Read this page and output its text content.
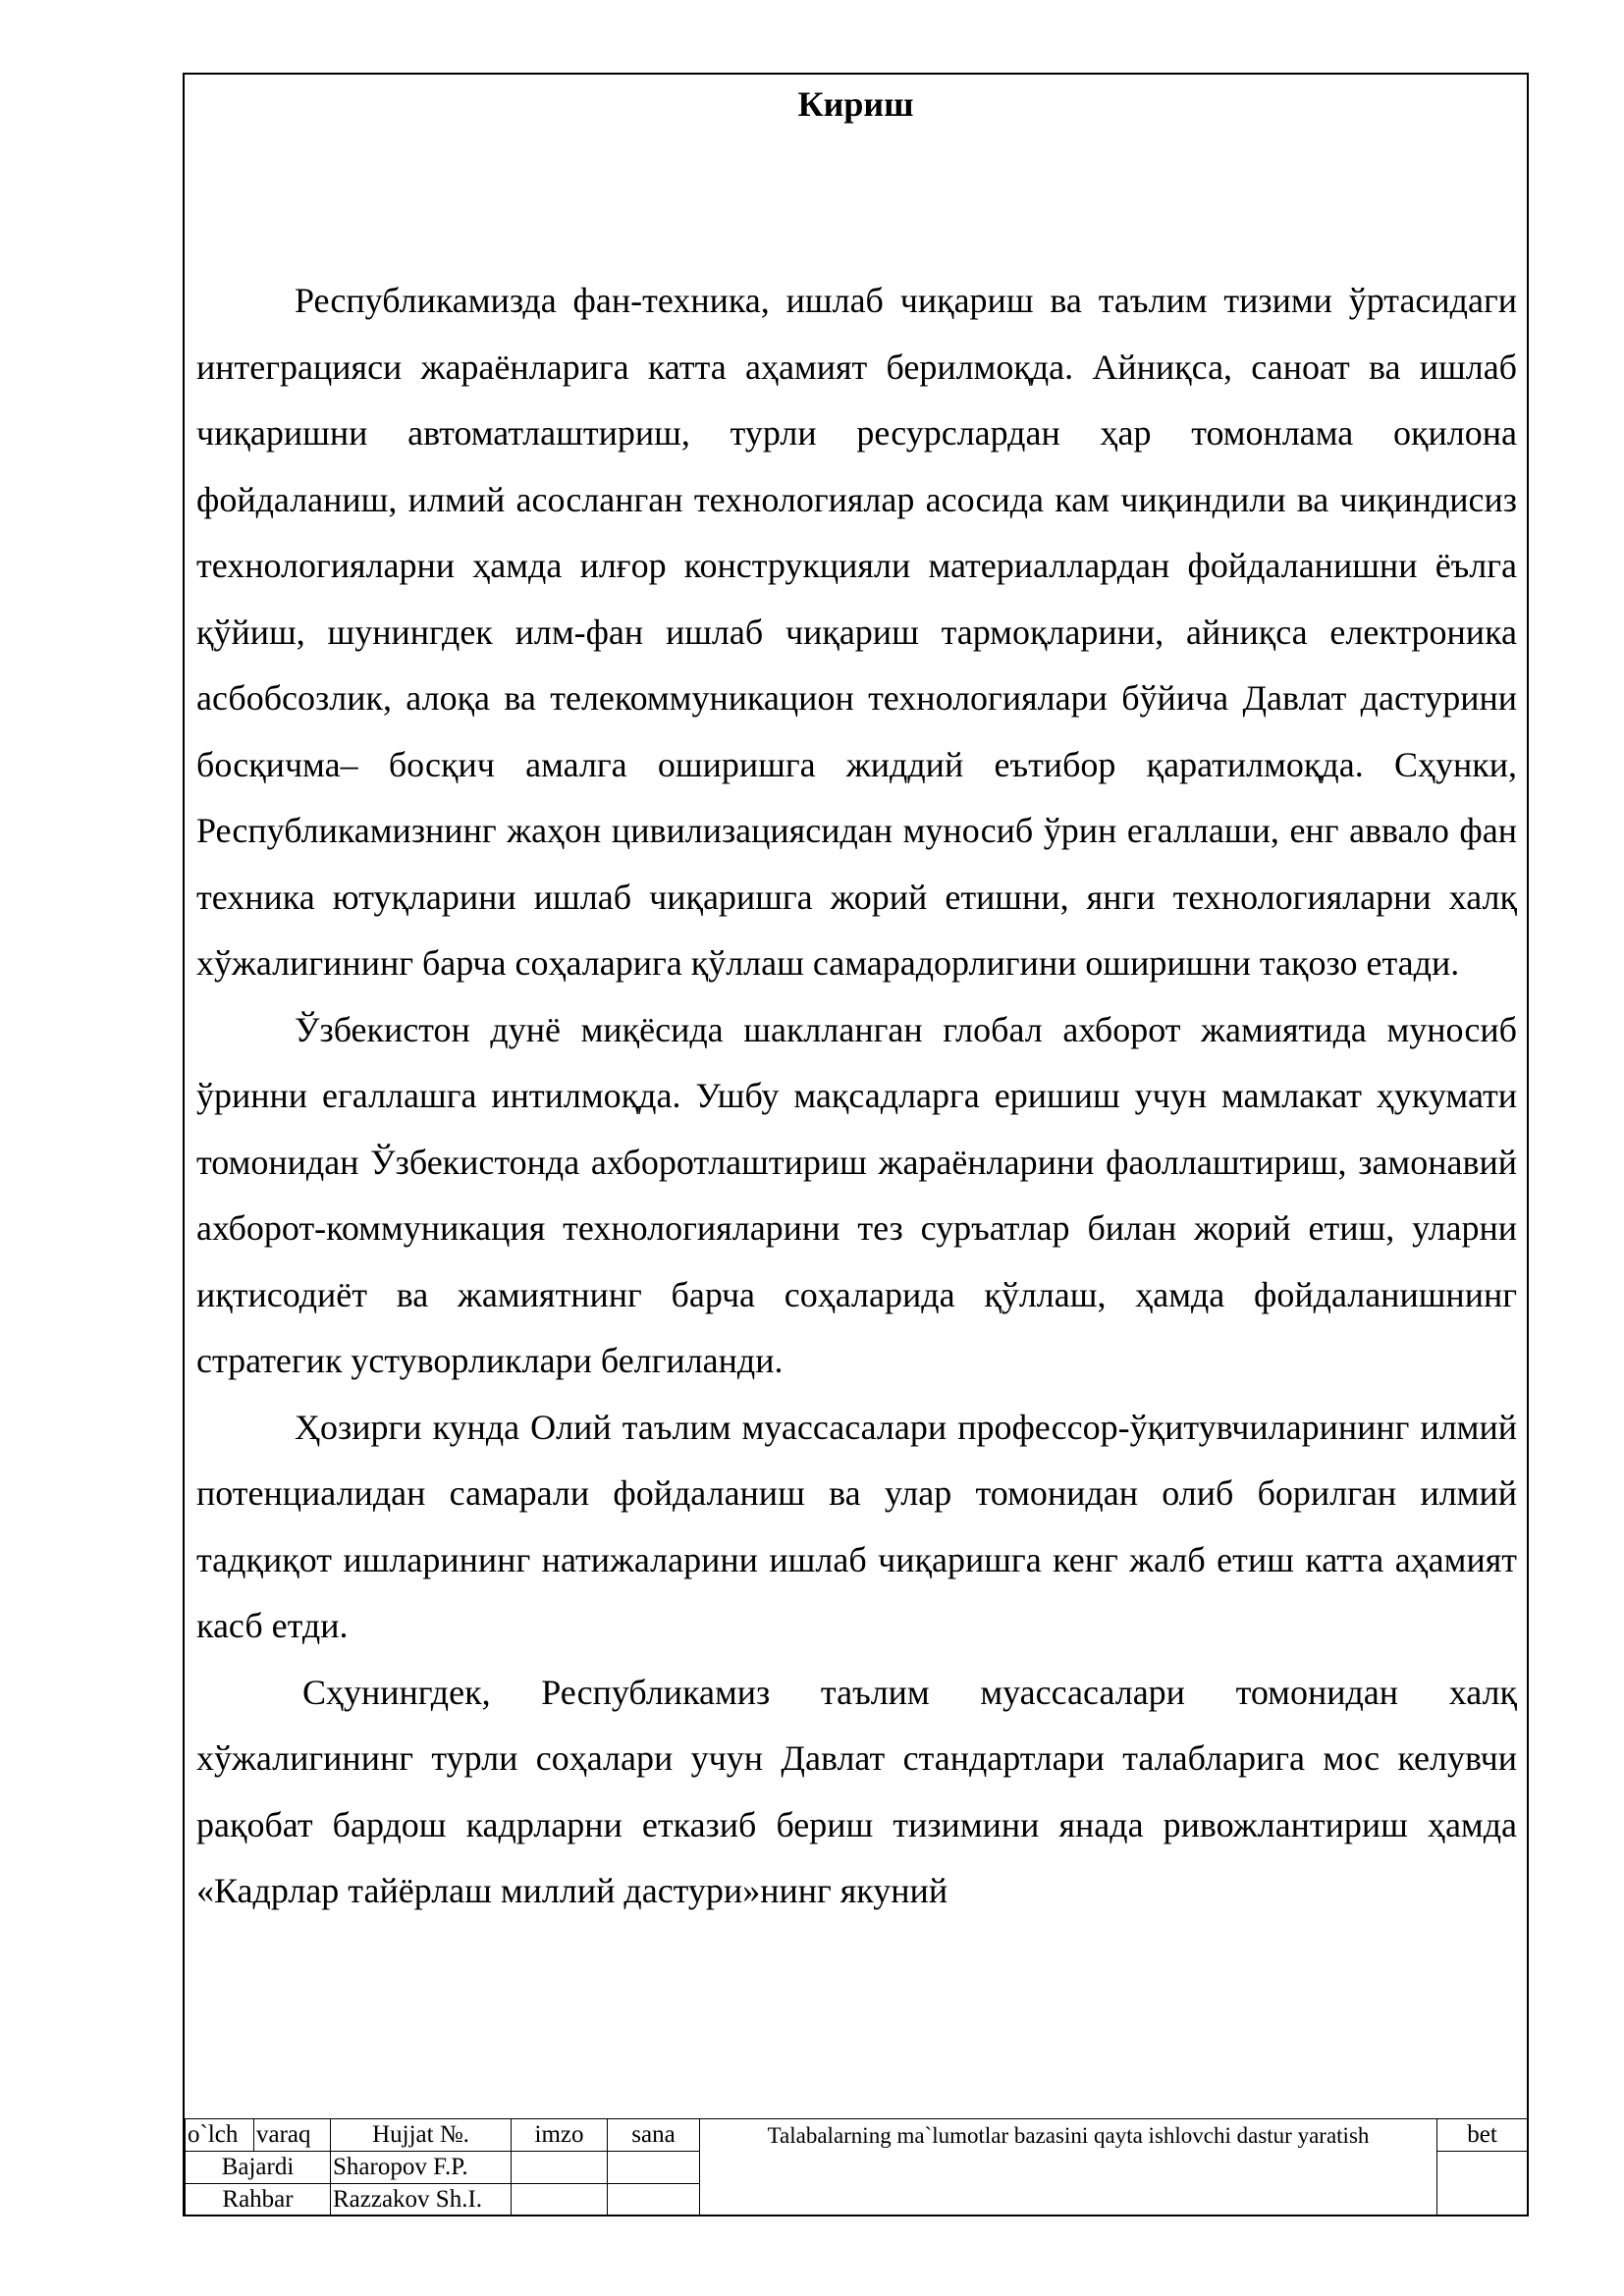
Кириш

Республикамизда фан-техника, ишлаб чиқариш ва таълим тизими ўртасидаги интеграцияси жараёнларига катта аҳамият берилмоқда. Айниқса, саноат ва ишлаб чиқаришни автоматлаштириш, турли ресурслардан ҳар томонлама оқилона фойдаланиш, илмий асосланган технологиялар асосида кам чиқиндили ва чиқиндисиз технологияларни ҳамда илғор конструкцияли материаллардан фойдаланишни ёълга қўйиш, шунингдек илм-фан ишлаб чиқариш тармоқларини, айниқса електроника асбобсозлик, алоқа ва телекоммуникацион технологиялари бўйича Давлат дастурини босқичма– босқич амалга оширишга жиддий еътибор қаратилмоқда. Сҳунки, Республикамизнинг жаҳон цивилизациясидан муносиб ўрин егаллаши, енг аввало фан техника ютуқларини ишлаб чиқаришга жорий етишни, янги технологияларни халқ хўжалигининг барча соҳаларига қўллаш самарадорлигини оширишни тақозо етади.

Ўзбекистон дунё миқёсида шаклланган глобал ахборот жамиятида муносиб ўринни егаллашга интилмоқда. Ушбу мақсадларга еришиш учун мамлакат ҳукумати томонидан Ўзбекистонда ахборотлаштириш жараёнларини фаоллаштириш, замонавий ахборот-коммуникация технологияларини тез суръатлар билан жорий етиш, уларни иқтисодиёт ва жамиятнинг барча соҳаларида қўллаш, ҳамда фойдаланишнинг стратегик устуворликлари белгиланди.

Ҳозирги кунда Олий таълим муассасалари профессор-ўқитувчиларининг илмий потенциалидан самарали фойдаланиш ва улар томонидан олиб борилган илмий тадқиқот ишларининг натижаларини ишлаб чиқаришга кенг жалб етиш катта аҳамият касб етди.

Сҳунингдек, Республикамиз таълим муассасалари томонидан халқ хўжалигининг турли соҳалари учун Давлат стандартлари талабларига мос келувчи рақобат бардош кадрларни етказиб бериш тизимини янада ривожлантириш ҳамда «Кадрлар тайёрлаш миллий дастури»нинг якуний

o`lch	varaq	Hujjat №.	imzo	sana	Talabalarning ma`lumotlar bazasini qayta ishlovchi dastur yaratish	bet
Bajardi		Sharopov F.P.				
Rahbar		Razzakov Sh.I.				
